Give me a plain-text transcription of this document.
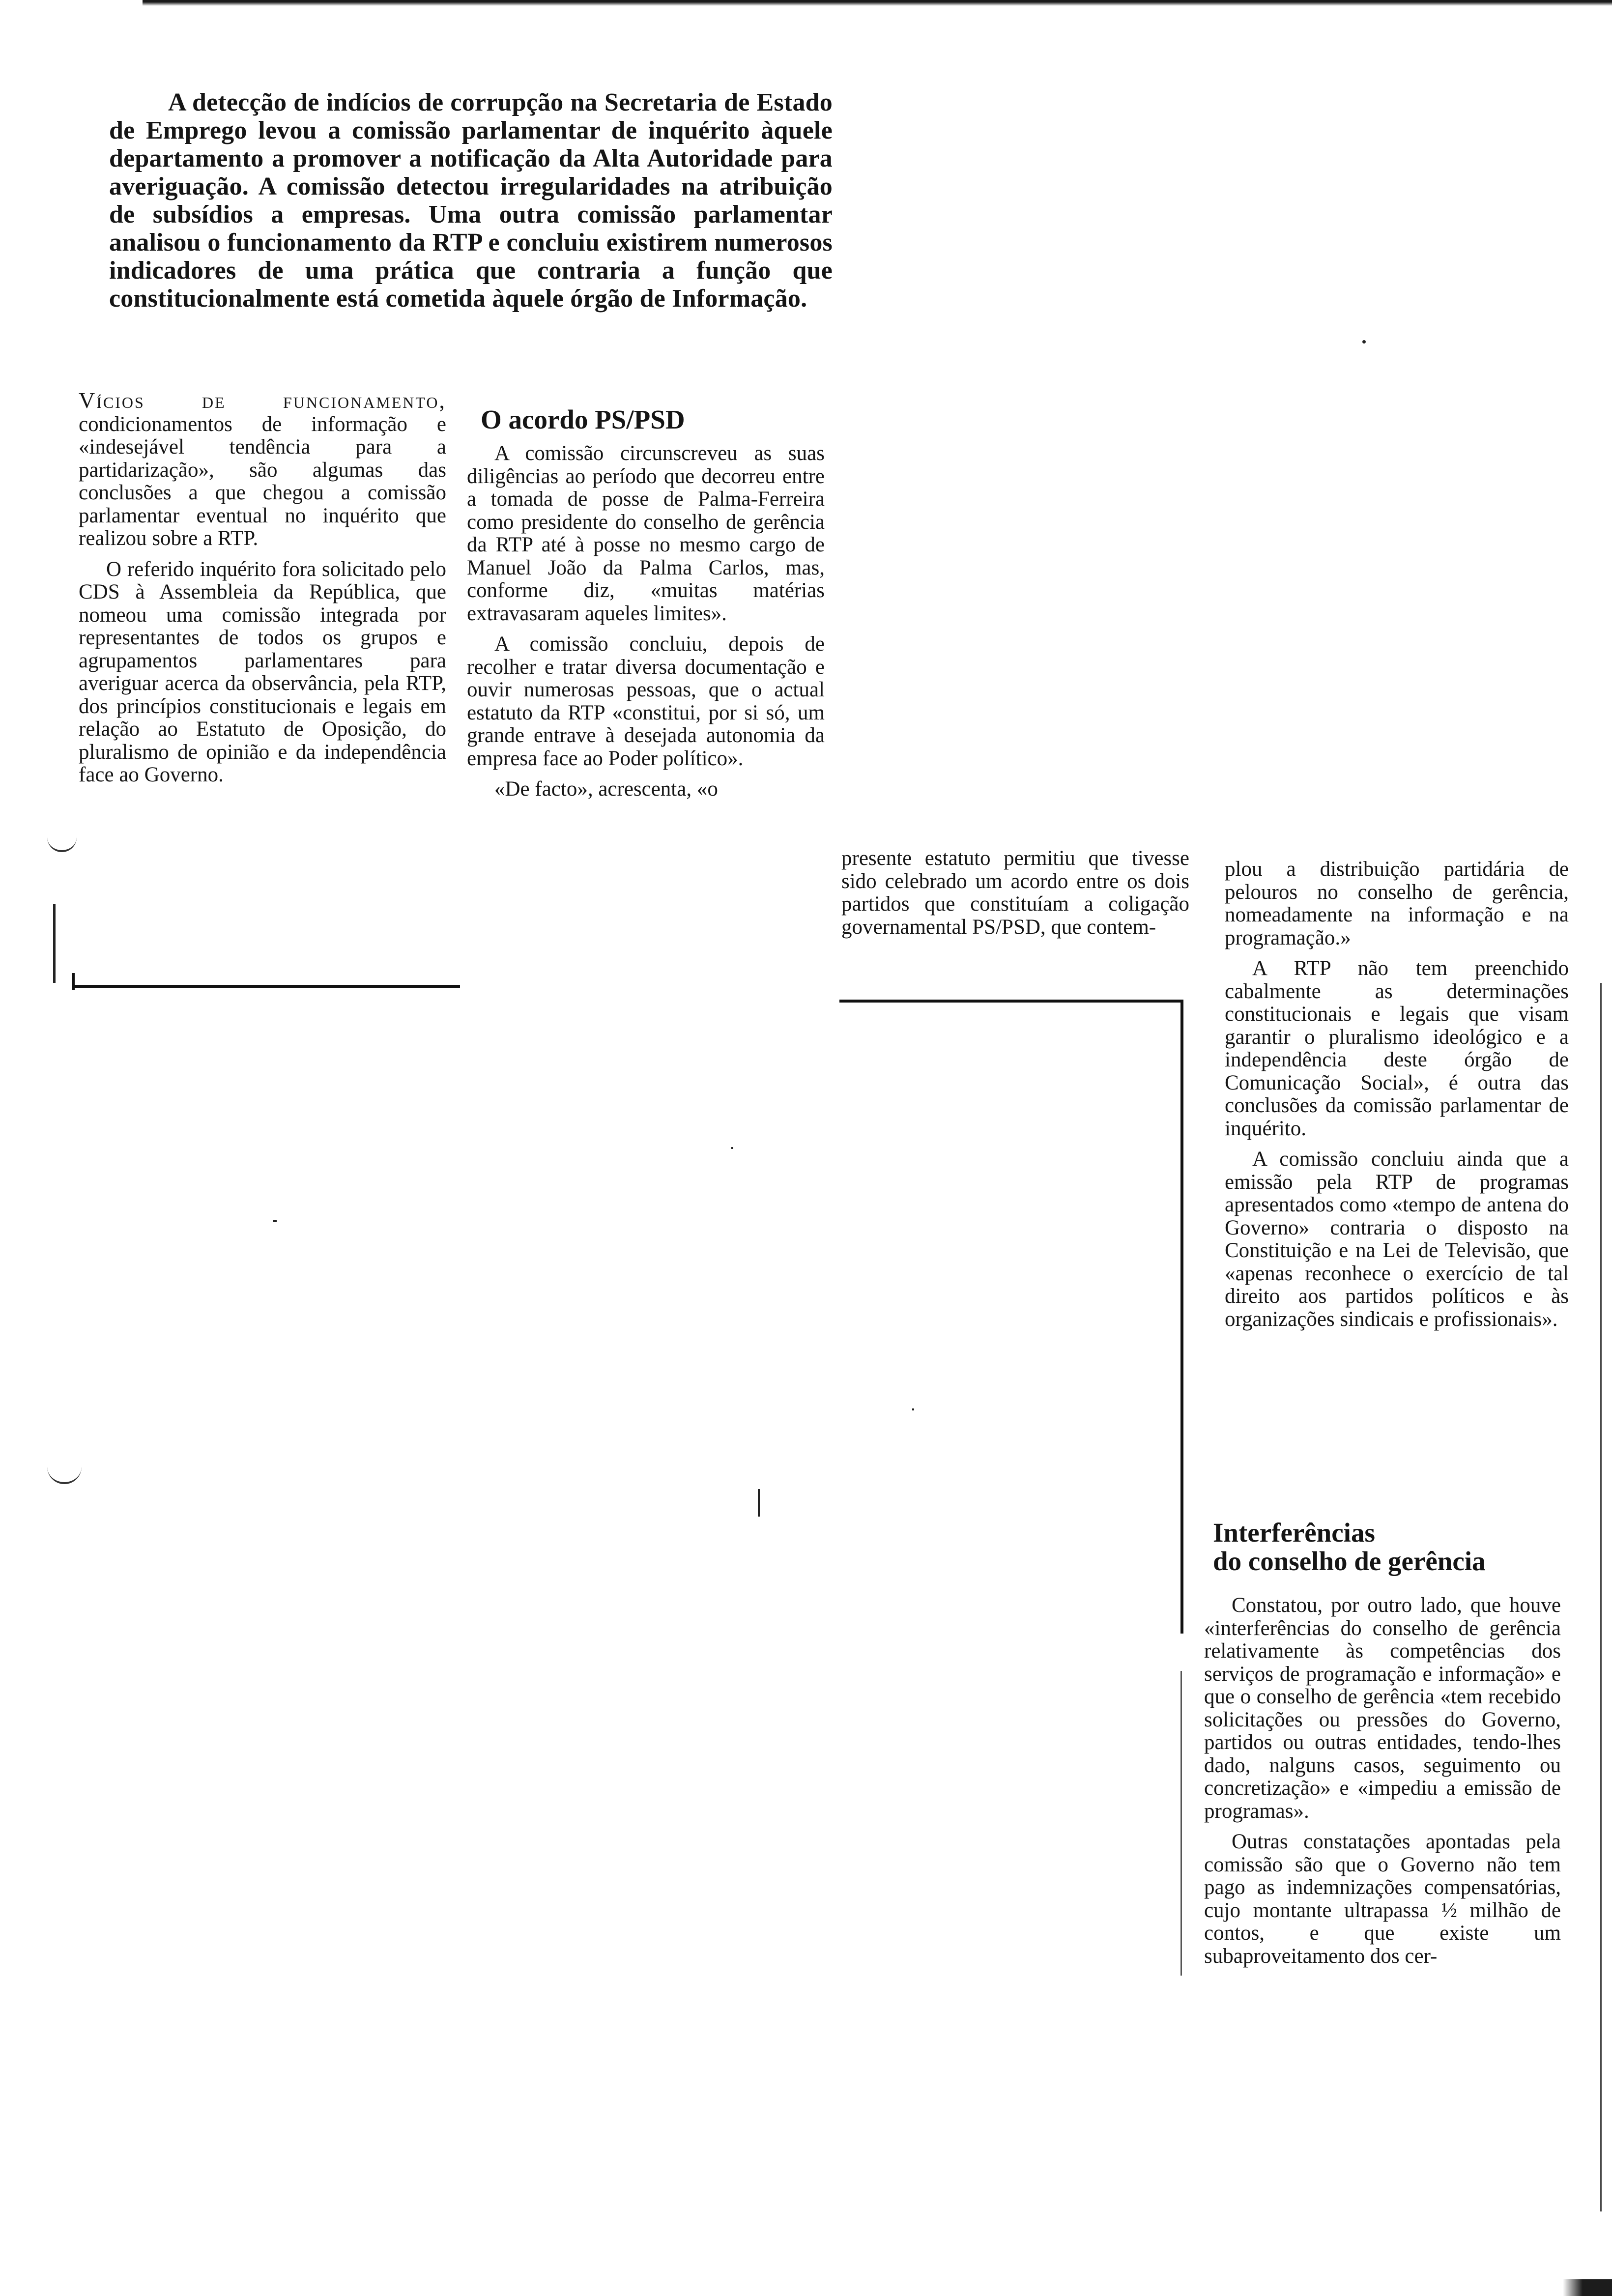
A detecção de indícios de corrupção na Secretaria de Estado de Emprego levou a comissão parlamentar de inquérito àquele departamento a promover a notificação da Alta Autoridade para averiguação. A comissão detectou irregularidades na atribuição de subsídios a empresas. Uma outra comissão parlamentar analisou o funcionamento da RTP e concluiu existirem numerosos indicadores de uma prática que contraria a função que constitucionalmente está cometida àquele órgão de Informação.

Vícios de funcionamento, condicionamentos de informação e «indesejável tendência para a partidarização», são algumas das conclusões a que chegou a comissão parlamentar eventual no inquérito que realizou sobre a RTP.

O referido inquérito fora solicitado pelo CDS à Assembleia da República, que nomeou uma comissão integrada por representantes de todos os grupos e agrupamentos parlamentares para averiguar acerca da observância, pela RTP, dos princípios constitucionais e legais em relação ao Estatuto de Oposição, do pluralismo de opinião e da independência face ao Governo.

O acordo PS/PSD

A comissão circunscreveu as suas diligências ao período que decorreu entre a tomada de posse de Palma-Ferreira como presidente do conselho de gerência da RTP até à posse no mesmo cargo de Manuel João da Palma Carlos, mas, conforme diz, «muitas matérias extravasaram aqueles limites».

A comissão concluiu, depois de recolher e tratar diversa documentação e ouvir numerosas pessoas, que o actual estatuto da RTP «constitui, por si só, um grande entrave à desejada autonomia da empresa face ao Poder político».

«De facto», acrescenta, «o

presente estatuto permitiu que tivesse sido celebrado um acordo entre os dois partidos que constituíam a coligação governamental PS/PSD, que contem-

plou a distribuição partidária de pelouros no conselho de gerência, nomeadamente na informação e na programação.»

A RTP não tem preenchido cabalmente as determinações constitucionais e legais que visam garantir o pluralismo ideológico e a independência deste órgão de Comunicação Social», é outra das conclusões da comissão parlamentar de inquérito.

A comissão concluiu ainda que a emissão pela RTP de programas apresentados como «tempo de antena do Governo» contraria o disposto na Constituição e na Lei de Televisão, que «apenas reconhece o exercício de tal direito aos partidos políticos e às organizações sindicais e profissionais».

Interferências
do conselho de gerência

Constatou, por outro lado, que houve «interferências do conselho de gerência relativamente às competências dos serviços de programação e informação» e que o conselho de gerência «tem recebido solicitações ou pressões do Governo, partidos ou outras entidades, tendo-lhes dado, nalguns casos, seguimento ou concretização» e «impediu a emissão de programas».

Outras constatações apontadas pela comissão são que o Governo não tem pago as indemnizações compensatórias, cujo montante ultrapassa ½ milhão de contos, e que existe um subaproveitamento dos cer-
